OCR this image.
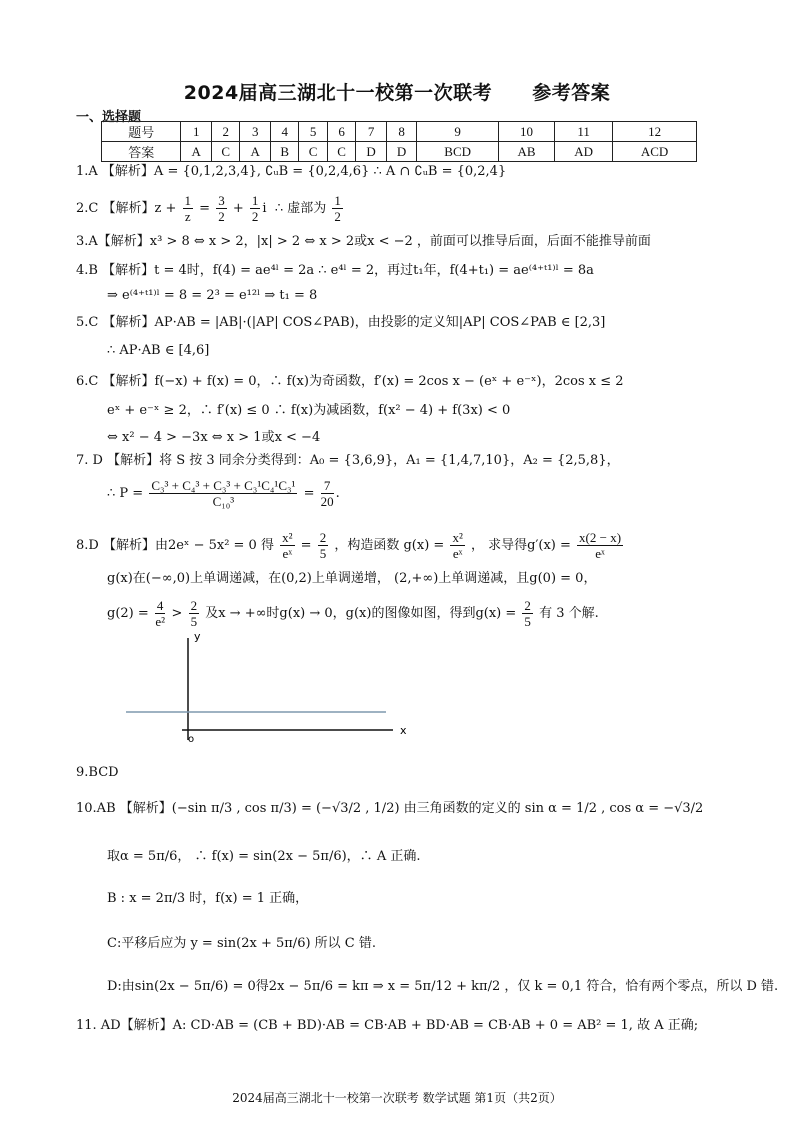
2024届高三湖北十一校第一次联考 参考答案
一、选择题
题号	1	2	3	4	5	6	7	8	9	10	11	12
答案	A	C	A	B	C	C	D	D	BCD	AB	AD	ACD
1.A 【解析】A = {0,1,2,3,4}, ∁ᵤB = {0,2,4,6} ∴ A ∩ ∁ᵤB = {0,2,4}
2.C 【解析】$z + \frac{1}{z} = \frac{3}{2} + \frac{1}{2}$ i ∴ 虚部为 $\frac{1}{2}$
3.A【解析】x³ > 8 ⇔ x > 2，|x| > 2 ⇔ x > 2或x < −2 ，前面可以推导后面，后面不能推导前面
4.B 【解析】t = 4时，f(4) = ae⁴ˡ = 2a ∴ e⁴ˡ = 2，再过t₁年，f(4+t₁) = ae⁽⁴⁺ᵗ¹⁾ˡ = 8a
⇒ e⁽⁴⁺ᵗ¹⁾ˡ = 8 = 2³ = e¹²ˡ ⇒ t₁ = 8
5.C 【解析】AP·AB = |AB|·(|AP| COS∠PAB)，由投影的定义知|AP| COS∠PAB ∈ [2,3]
∴ AP·AB ∈ [4,6]
6.C 【解析】f(−x) + f(x) = 0，∴ f(x)为奇函数，f′(x) = 2cos x − (eˣ + e⁻ˣ)，2cos x ≤ 2
eˣ + e⁻ˣ ≥ 2，∴ f′(x) ≤ 0 ∴ f(x)为减函数，f(x² − 4) + f(3x) < 0
⇔ x² − 4 > −3x ⇔ x > 1或x < −4
7. D 【解析】将 S 按 3 同余分类得到：A₀ = {3,6,9}，A₁ = {1,4,7,10}，A₂ = {2,5,8}，
∴ $P = \frac{\text{C₃³ + C₄³ + C₃³ + C₃¹C₄¹C₃¹}}{\text{C₁₀³}} = \frac{7}{20}$ .
8.D 【解析】由2eˣ − 5x² = 0 得 $\frac{\text{x²}}{\text{eˣ}} = \frac{2}{5}$ ，构造函数 $g(x) = \frac{\text{x²}}{\text{eˣ}}$ ， 求导得$g'(x) = \frac{x(2 - x)}{\text{eˣ}}$
g(x)在(−∞,0)上单调递减，在(0,2)上单调递增， (2,+∞)上单调递减，且g(0) = 0，
$g(2) = \frac{4}{\text{e²}} > \frac{2}{5}$ 及x → +∞时g(x) → 0，g(x)的图像如图，得到$g(x) = \frac{2}{5}$ 有 3 个解.
y
x
o
9.BCD
10.AB 【解析】(−sin π/3 , cos π/3) = (−√3/2 , 1/2) 由三角函数的定义的 sin α = 1/2 , cos α = −√3/2
取α = 5π/6， ∴ f(x) = sin(2x − 5π/6)，∴ A 正确.
B : x = 2π/3 时，f(x) = 1 正确，
C:平移后应为 y = sin(2x + 5π/6) 所以 C 错.
D:由sin(2x − 5π/6) = 0得2x − 5π/6 = kπ ⇒ x = 5π/12 + kπ/2 ，仅 k = 0,1 符合，恰有两个零点，所以 D 错.
11. AD【解析】A: CD·AB = (CB + BD)·AB = CB·AB + BD·AB = CB·AB + 0 = AB² = 1, 故 A 正确;
2024届高三湖北十一校第一次联考 数学试题 第1页（共2页）
